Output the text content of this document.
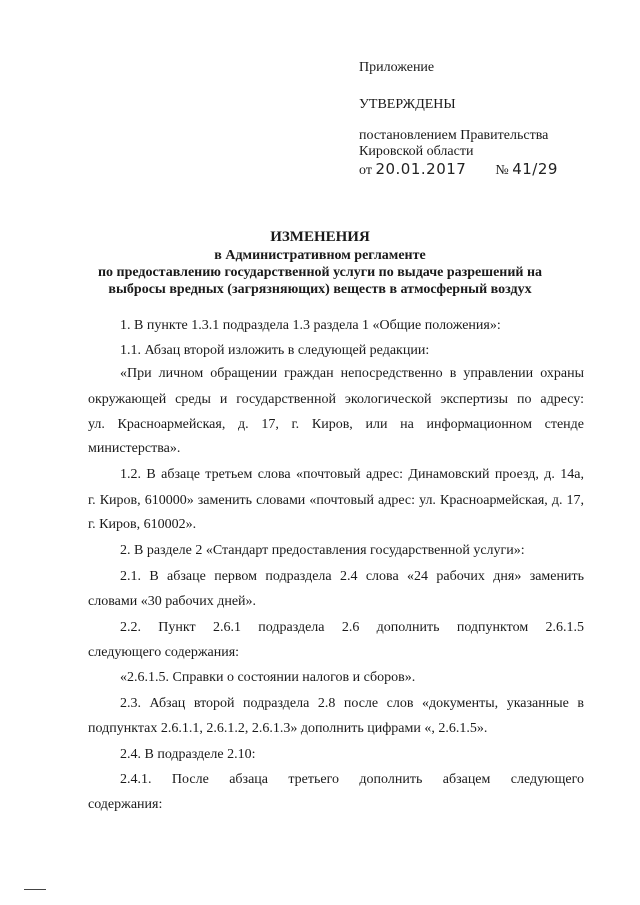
Приложение
УТВЕРЖДЕНЫ
постановлением Правительства
Кировской области
от 20.01.2017 № 41/29
ИЗМЕНЕНИЯ
в Административном регламенте
по предоставлению государственной услуги по выдаче разрешений на
выбросы вредных (загрязняющих) веществ в атмосферный воздух
1. В пункте 1.3.1 подраздела 1.3 раздела 1 «Общие положения»:
1.1. Абзац второй изложить в следующей редакции:
«При личном обращении граждан непосредственно в управлении охраны
окружающей среды и государственной экологической экспертизы по адресу:
ул. Красноармейская, д. 17, г. Киров, или на информационном стенде
министерства».
1.2. В абзаце третьем слова «почтовый адрес: Динамовский проезд, д. 14а,
г. Киров, 610000» заменить словами «почтовый адрес: ул. Красноармейская, д. 17,
г. Киров, 610002».
2. В разделе 2 «Стандарт предоставления государственной услуги»:
2.1. В абзаце первом подраздела 2.4 слова «24 рабочих дня» заменить
словами «30 рабочих дней».
2.2. Пункт 2.6.1 подраздела 2.6 дополнить подпунктом 2.6.1.5
следующего содержания:
«2.6.1.5. Справки о состоянии налогов и сборов».
2.3. Абзац второй подраздела 2.8 после слов «документы, указанные в
подпунктах 2.6.1.1, 2.6.1.2, 2.6.1.3» дополнить цифрами «, 2.6.1.5».
2.4. В подразделе 2.10:
2.4.1. После абзаца третьего дополнить абзацем следующего
содержания:
